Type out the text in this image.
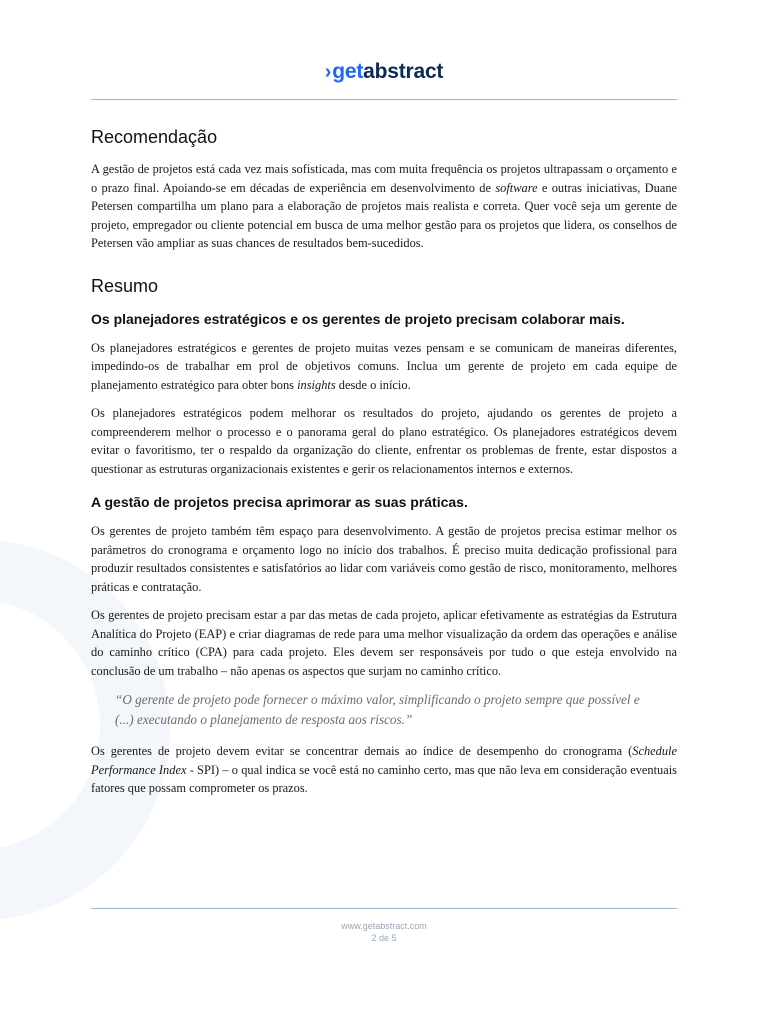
›getabstract
Recomendação

A gestão de projetos está cada vez mais sofisticada, mas com muita frequência os projetos ultrapassam o orçamento e o prazo final. Apoiando-se em décadas de experiência em desenvolvimento de software e outras iniciativas, Duane Petersen compartilha um plano para a elaboração de projetos mais realista e correta. Quer você seja um gerente de projeto, empregador ou cliente potencial em busca de uma melhor gestão para os projetos que lidera, os conselhos de Petersen vão ampliar as suas chances de resultados bem-sucedidos.

Resumo
Os planejadores estratégicos e os gerentes de projeto precisam colaborar mais.

Os planejadores estratégicos e gerentes de projeto muitas vezes pensam e se comunicam de maneiras diferentes, impedindo-os de trabalhar em prol de objetivos comuns. Inclua um gerente de projeto em cada equipe de planejamento estratégico para obter bons insights desde o início.

Os planejadores estratégicos podem melhorar os resultados do projeto, ajudando os gerentes de projeto a compreenderem melhor o processo e o panorama geral do plano estratégico. Os planejadores estratégicos devem evitar o favoritismo, ter o respaldo da organização do cliente, enfrentar os problemas de frente, estar dispostos a questionar as estruturas organizacionais existentes e gerir os relacionamentos internos e externos.

A gestão de projetos precisa aprimorar as suas práticas.

Os gerentes de projeto também têm espaço para desenvolvimento. A gestão de projetos precisa estimar melhor os parâmetros do cronograma e orçamento logo no início dos trabalhos. É preciso muita dedicação profissional para produzir resultados consistentes e satisfatórios ao lidar com variáveis como gestão de risco, monitoramento, melhores práticas e contratação.

Os gerentes de projeto precisam estar a par das metas de cada projeto, aplicar efetivamente as estratégias da Estrutura Analítica do Projeto (EAP) e criar diagramas de rede para uma melhor visualização da ordem das operações e análise do caminho crítico (CPA) para cada projeto. Eles devem ser responsáveis por tudo o que esteja envolvido na conclusão de um trabalho – não apenas os aspectos que surjam no caminho crítico.

“O gerente de projeto pode fornecer o máximo valor, simplificando o projeto sempre que possível e (...) executando o planejamento de resposta aos riscos.”

Os gerentes de projeto devem evitar se concentrar demais ao índice de desempenho do cronograma (Schedule Performance Index - SPI) – o qual indica se você está no caminho certo, mas que não leva em consideração eventuais fatores que possam comprometer os prazos.

www.getabstract.com
2 de 5
